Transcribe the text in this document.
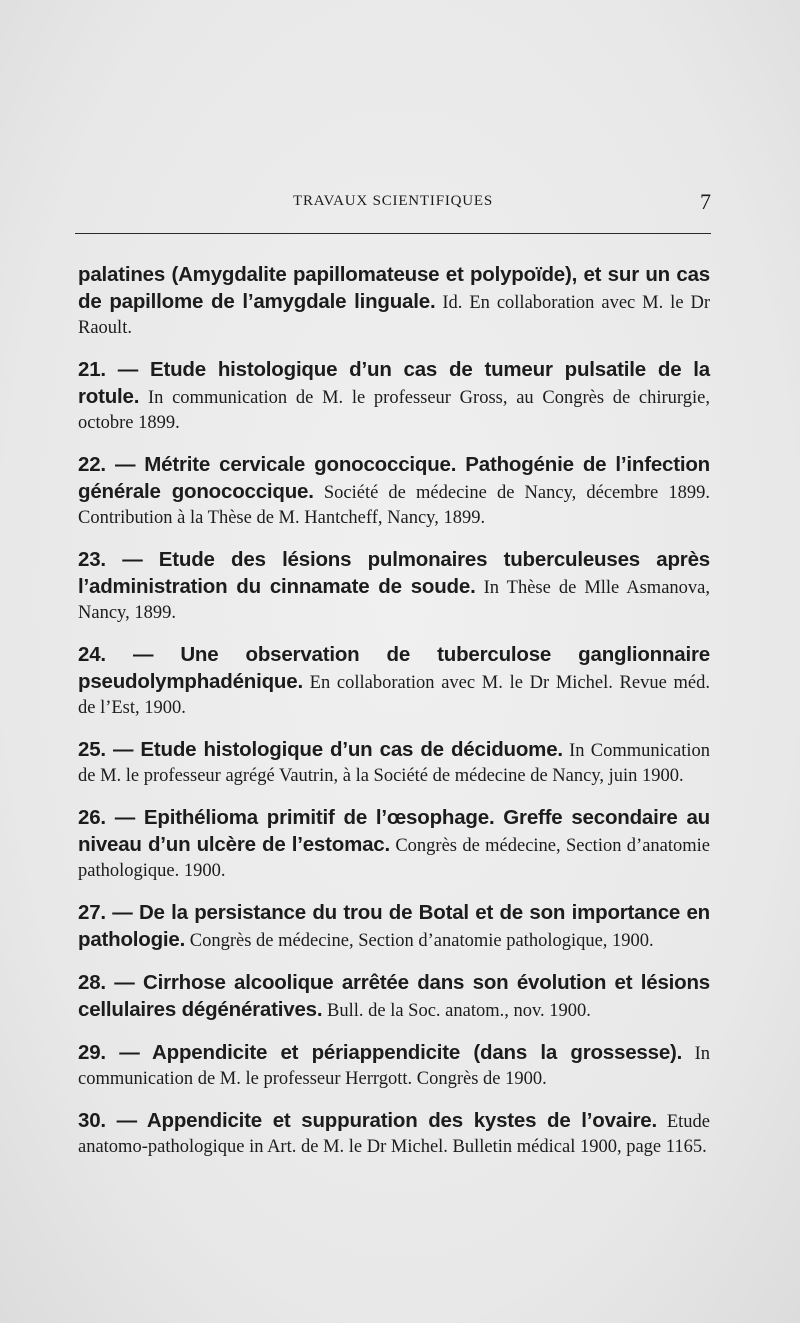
TRAVAUX SCIENTIFIQUES	7

palatines (Amygdalite papillomateuse et polypoïde), et sur un cas de papillome de l’amygdale linguale. Id. En collaboration avec M. le Dr Raoult.

21. — Etude histologique d’un cas de tumeur pulsatile de la rotule. In communication de M. le professeur Gross, au Congrès de chirurgie, octobre 1899.

22. — Métrite cervicale gonococcique. Pathogénie de l’infection générale gonococcique. Société de médecine de Nancy, décembre 1899. Contribution à la Thèse de M. Hantcheff, Nancy, 1899.

23. — Etude des lésions pulmonaires tuberculeuses après l’administration du cinnamate de soude. In Thèse de Mlle Asmanova, Nancy, 1899.

24. — Une observation de tuberculose ganglionnaire pseudolymphadénique. En collaboration avec M. le Dr Michel. Revue méd. de l’Est, 1900.

25. — Etude histologique d’un cas de déciduome. In Communication de M. le professeur agrégé Vautrin, à la Société de médecine de Nancy, juin 1900.

26. — Epithélioma primitif de l’œsophage. Greffe secondaire au niveau d’un ulcère de l’estomac. Congrès de médecine, Section d’anatomie pathologique. 1900.

27. — De la persistance du trou de Botal et de son importance en pathologie. Congrès de médecine, Section d’anatomie pathologique, 1900.

28. — Cirrhose alcoolique arrêtée dans son évolution et lésions cellulaires dégénératives. Bull. de la Soc. anatom., nov. 1900.

29. — Appendicite et périappendicite (dans la grossesse). In communication de M. le professeur Herrgott. Congrès de 1900.

30. — Appendicite et suppuration des kystes de l’ovaire. Etude anatomo-pathologique in Art. de M. le Dr Michel. Bulletin médical 1900, page 1165.
